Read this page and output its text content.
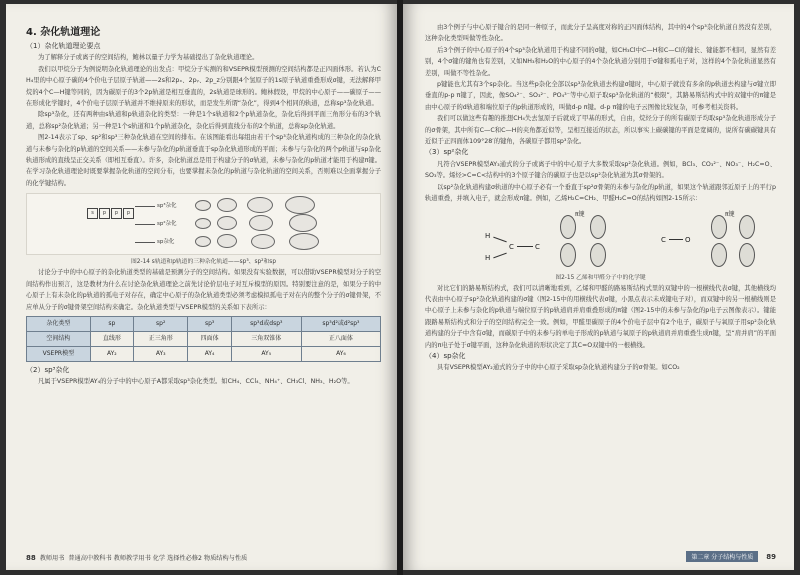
4. 杂化轨道理论
（1）杂化轨道理论要点

为了解释分子或离子的空间结构，鲍林以量子力学为基础提出了杂化轨道理论。

我们以甲烷分子为例说明杂化轨道理论的出发点：甲烷分子实测的和VSEPR模型预测的空间结构都是正四面体形。若认为CH₄里的中心原子碳的4个价电子层原子轨道——2s和2pₓ、2pᵧ、2p_z分别跟4个氢原子的1s原子轨道重叠形成σ键，无法解释甲烷的4个C—H键等同的，因为碳原子的3个2p轨道是相互垂直的，2s轨道是球形的。鲍林假设，甲烷的中心原子——碳原子——在形成化学键时，4个价电子层原子轨道并不维持原来的形状，而是发生所谓“杂化”，得到4个相同的轨道，总称sp³杂化轨道。

除sp³杂化，还有两种由s轨道和p轨道杂化的类型：一种是1个s轨道和2个p轨道杂化，杂化后得到平面三角形分布的3个轨道，总称sp²杂化轨道；另一种是1个s轨道和1个p轨道杂化，杂化后得到直线分布的2个轨道，总称sp杂化轨道。

图2-14表示了sp、sp²和sp³三种杂化轨道在空间的排布。在该图能看出每组由若干个sp³杂化轨道构成的三种杂化的杂化轨道与未参与杂化的p轨道的空间关系——未参与杂化的p轨道垂直于sp杂化轨道形成的平面；未参与与杂化的两个p轨道与sp杂化轨道形成的直线呈正交关系（即相互垂直）。许多，杂化轨道总是用于构建分子的σ轨道，未参与杂化的p轨道才能用于构建π键。在学习杂化轨道理论时既要掌握杂化轨道的空间分布，也要掌握未杂化的p轨道与杂化轨道的空间关系，否则难以全面掌握分子的化学键结构。

s	p	p	p
sp³杂化
sp²杂化
sp杂化

图2-14 s轨道和p轨道的三种杂化轨道——sp³、sp²和sp

讨论分子中的中心原子的杂化轨道类型的基础是预测分子的空间结构。如果没有实验数据，可以借助VSEPR模型对分子的空间结构作出预言，这是教材为什么在讨论杂化轨道理论之前先讨论价层电子对互斥模型的原因。特别要注意的是，如果分子的中心原子上有未杂化的p轨道的孤电子对存在，确定中心原子的杂化轨道类型必须考虑模拟孤电子对在内的整个分子的σ键骨架，不应单从分子的σ键骨架空间结构来确定。杂化轨道类型与VSEPR模型的关系如下表所示：

杂化类型	sp	sp²	sp³	sp³d或dsp³	sp³d²或d²sp³
空间结构	直线形	正三角形	四面体	三角双锥体	正八面体
VSEPR模型	AY₂	AY₃	AY₄	AY₅	AY₆
（2）sp³杂化

凡属于VSEPR模型AY₄的分子中的中心原子A都采取sp³杂化类型。如CH₄、CCl₄、NH₄⁺、CH₃Cl、NH₃、H₂O等。

88 教师用书 普通高中教科书 教师教学用书 化学 选择性必修2 物质结构与性质

由3个例子与中心原子键合的是同一种原子，而此分子呈高度对称的正四面体结构，其中的4个sp³杂化轨道自然没有差别，这种杂化类型叫做等性杂化。

后3个例子的中心原子的4个sp³杂化轨道用于构建不同的σ键，如CH₃Cl中C—H和C—Cl的键长、键能都不相同，显然有差别，4个σ键的键角也有差别，又如NH₃和H₂O的中心原子的4个杂化轨道分别用于σ键和孤电子对，这样的4个杂化轨道显然有差别，叫做不等性杂化。

p键能也尤其有3个sp杂化。当这些p杂化全部以sp³杂化轨道去构建σ键时，中心原子就没有多余的p轨道去构建与σ键立即垂直的p-p π键了，因此，像SO₄²⁻、SO₃²⁻、PO₄³⁻等中心原子取sp³杂化轨道的“极限”，其路易斯结构式中的双键中的π键是由中心原子的d轨道和端位原子的p轨道形成的，叫做d-p π键。d-p π键的电子云图像比较复杂，可参考相关资料。

我们可以做这些有趣的推想CH₄失去氢原子后就成了甲基的形式，自由，烷烃分子的所有碳原子均取sp³杂化轨道形成分子的σ骨架，其中所有C—C和C—H的夹角都近似等，呈相互接近的状态，所以事实上碳碳键的平面是宽阔的，说所有碳碳键具有近似于正四面体109°28′的键角，各碳原子都用sp³杂化。

（3）sp²杂化

凡符合VSEPR模型AY₃通式的分子或离子中的中心原子大多数采取sp²杂化轨道。例如，BCl₃、CO₃²⁻、NO₃⁻、H₂C=O、SO₃等。烯烃>C=C<结构中的3个原子键合的碳原子也是以sp²杂化轨道为其σ骨架的。

以sp²杂化轨道构建σ轨道的中心原子必有一个垂直于sp²σ骨架的未参与杂化的p轨道，如果这个轨道跟邻近原子上的平行p轨道重叠，并填入电子，就会形成π键。例如，乙烯H₂C=CH₂、甲醛H₂C=O的结构如图2-15所示：

H
H
C	C
π键
C	O
π键

图2-15 乙烯和甲醛分子中的化学键

对比它们的路易斯结构式，我们可以清晰地看到，乙烯和甲醛的路易斯结构式里的双键中的一根横线代表σ键，其他横线均代表由中心原子sp²杂化轨道构建的σ键（图2-15中的用横线代表σ键，小黑点表示未成键电子对），而双键中的另一根横线则是中心原子上未参与杂化的p轨道与端位原子的p轨道肩并肩重叠形成的π键（图2-15中的未参与杂化的p电子云图像表示）。键能跟路易斯结构式和分子的空间结构完全一致。例如，甲醛里碳原子的4个价电子层中有2个电子，碳原子与氧原子用sp²杂化轨道构建的分子中含有σ键，而碳原子中的未参与的单电子形成的p轨道与氧原子的p轨道肩并肩重叠生成π键，呈“肩并肩”的平面内的π电子处于σ键平面，这种杂化轨道的形状决定了其C=O双键中的一根横线。

（4）sp杂化

具有VSEPR模型AY₂通式的分子中的中心原子采取sp杂化轨道构建分子的σ骨架。如CO₂

第二章 分子结构与性质 89
